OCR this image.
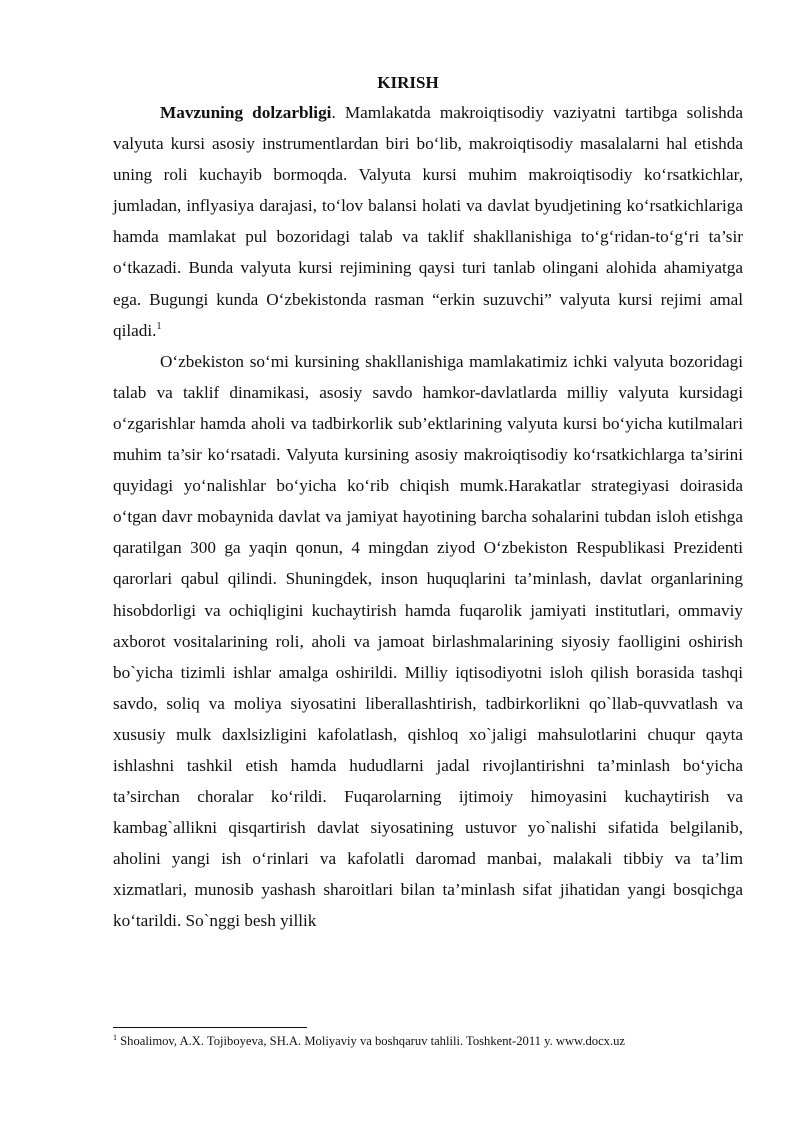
KIRISH

Mavzuning dolzarbligi. Mamlakatda makroiqtisodiy vaziyatni tartibga solishda valyuta kursi asosiy instrumentlardan biri bo‘lib, makroiqtisodiy masalalarni hal etishda uning roli kuchayib bormoqda. Valyuta kursi muhim makroiqtisodiy ko‘rsatkichlar, jumladan, inflyasiya darajasi, to‘lov balansi holati va davlat byudjetining ko‘rsatkichlariga hamda mamlakat pul bozoridagi talab va taklif shakllanishiga to‘g‘ridan-to‘g‘ri ta’sir o‘tkazadi. Bunda valyuta kursi rejimining qaysi turi tanlab olingani alohida ahamiyatga ega. Bugungi kunda O‘zbekistonda rasman “erkin suzuvchi” valyuta kursi rejimi amal qiladi.$^1$

O‘zbekiston so‘mi kursining shakllanishiga mamlakatimiz ichki valyuta bozoridagi talab va taklif dinamikasi, asosiy savdo hamkor-davlatlarda milliy valyuta kursidagi o‘zgarishlar hamda aholi va tadbirkorlik sub’ektlarining valyuta kursi bo‘yicha kutilmalari muhim ta’sir ko‘rsatadi. Valyuta kursining asosiy makroiqtisodiy ko‘rsatkichlarga ta’sirini quyidagi yo‘nalishlar bo‘yicha ko‘rib chiqish mumk.Harakatlar strategiyasi doirasida o‘tgan davr mobaynida davlat va jamiyat hayotining barcha sohalarini tubdan isloh etishga qaratilgan 300 ga yaqin qonun, 4 mingdan ziyod O‘zbekiston Respublikasi Prezidenti qarorlari qabul qilindi. Shuningdek, inson huquqlarini ta’minlash, davlat organlarining hisobdorligi va ochiqligini kuchaytirish hamda fuqarolik jamiyati institutlari, ommaviy axborot vositalarining roli, aholi va jamoat birlashmalarining siyosiy faolligini oshirish bo`yicha tizimli ishlar amalga oshirildi. Milliy iqtisodiyotni isloh qilish borasida tashqi savdo, soliq va moliya siyosatini liberallashtirish, tadbirkorlikni qo`llab-quvvatlash va xususiy mulk daxlsizligini kafolatlash, qishloq xo`jaligi mahsulotlarini chuqur qayta ishlashni tashkil etish hamda hududlarni jadal rivojlantirishni ta’minlash bo‘yicha ta’sirchan choralar ko‘rildi. Fuqarolarning ijtimoiy himoyasini kuchaytirish va kambag`allikni qisqartirish davlat siyosatining ustuvor yo`nalishi sifatida belgilanib, aholini yangi ish o‘rinlari va kafolatli daromad manbai, malakali tibbiy va ta’lim xizmatlari, munosib yashash sharoitlari bilan ta’minlash sifat jihatidan yangi bosqichga ko‘tarildi. So`nggi besh yillik

$^1$ Shoalimov, A.X. Tojiboyeva, SH.A. Moliyaviy va boshqaruv tahlili. Toshkent-2011 y. www.docx.uz
